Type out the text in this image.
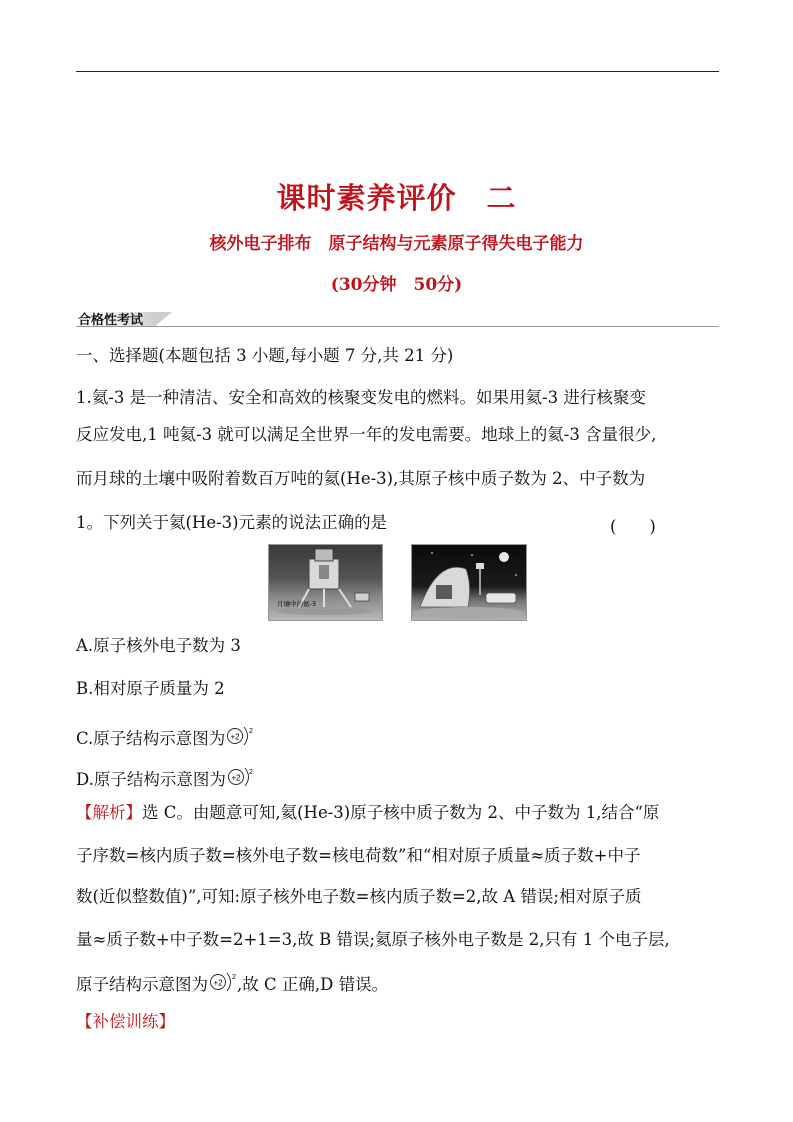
课时素养评价　二
核外电子排布　原子结构与元素原子得失电子能力
(30分钟　50分)
合格性考试
一、选择题(本题包括 3 小题,每小题 7 分,共 21 分)
1.氦-3 是一种清洁、安全和高效的核聚变发电的燃料。如果用氦-3 进行核聚变
反应发电,1 吨氦-3 就可以满足全世界一年的发电需要。地球上的氦-3 含量很少,
而月球的土壤中吸附着数百万吨的氦(He-3),其原子核中质子数为 2、中子数为
1。下列关于氦(He-3)元素的说法正确的是	(　　)
月壤中的氦-3
A.原子核外电子数为 3
B.相对原子质量为 2
C.原子结构示意图为 +2
2
D.原子结构示意图为 +2
2
【解析】选 C。由题意可知,氦(He-3)原子核中质子数为 2、中子数为 1,结合“原
子序数=核内质子数=核外电子数=核电荷数”和“相对原子质量≈质子数+中子
数(近似整数值)”,可知:原子核外电子数=核内质子数=2,故 A 错误;相对原子质
量≈质子数+中子数=2+1=3,故 B 错误;氦原子核外电子数是 2,只有 1 个电子层,
原子结构示意图为 +2
2 ,故 C 正确,D 错误。
【补偿训练】
